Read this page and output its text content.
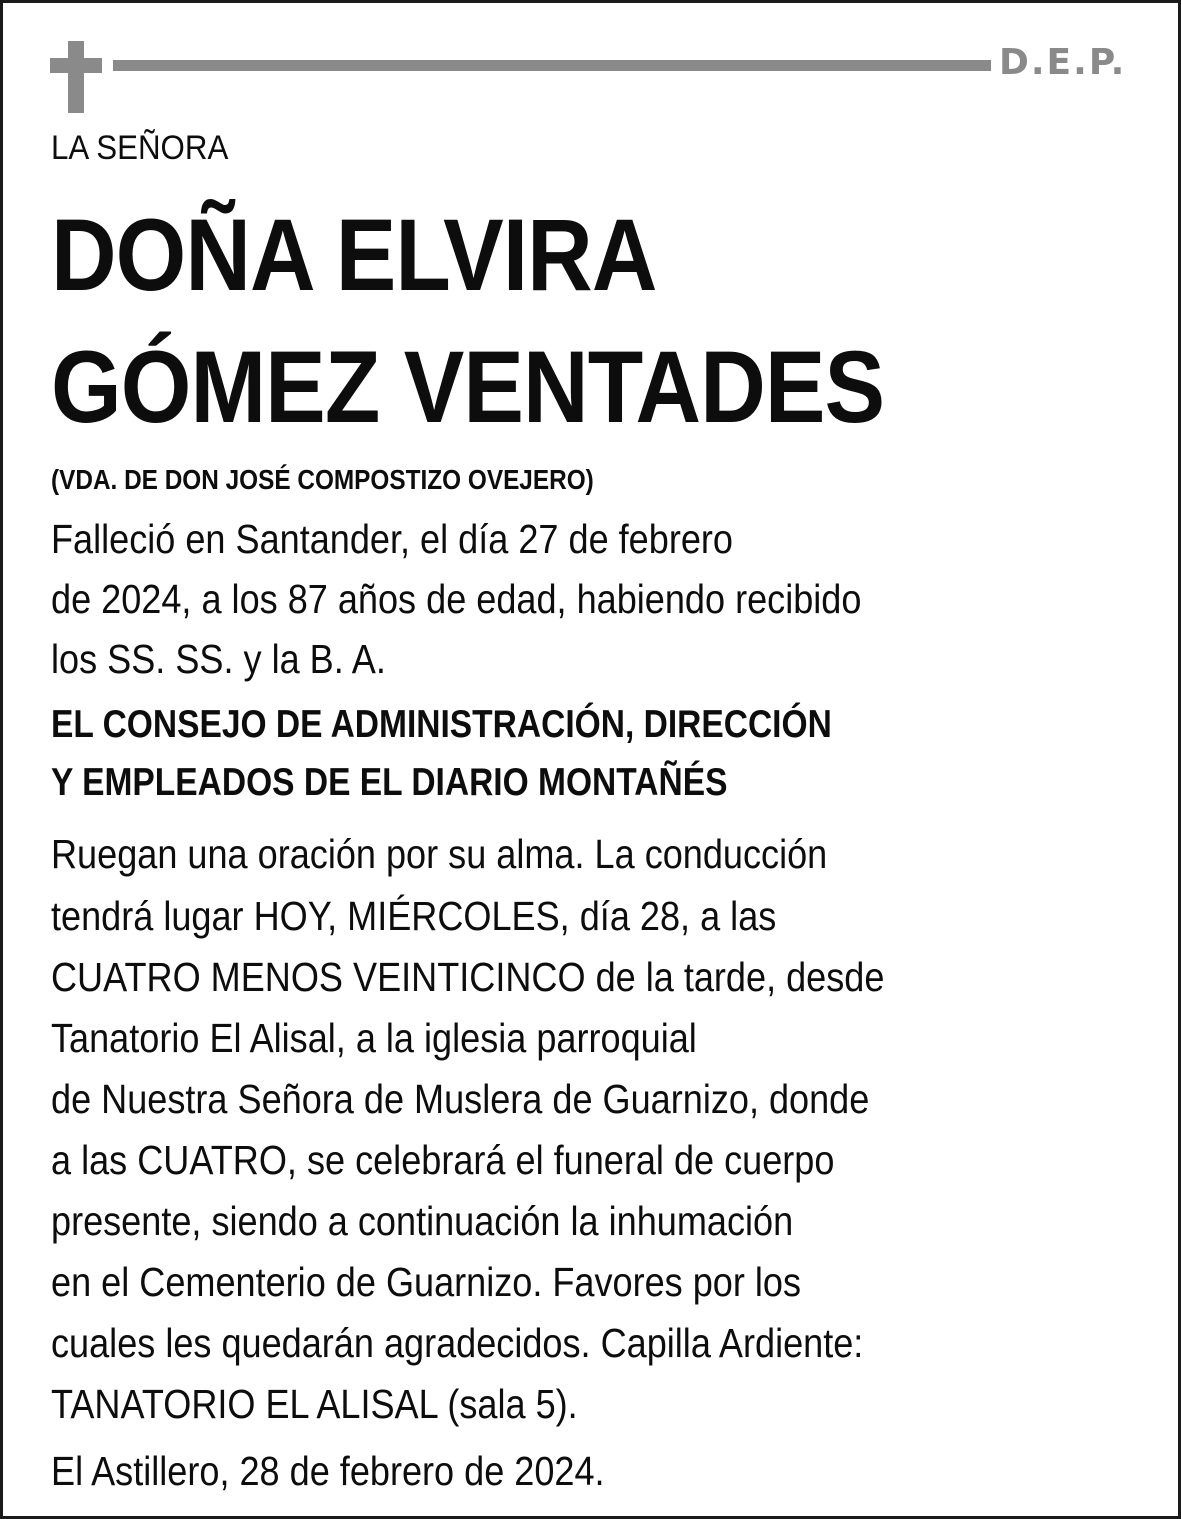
D.E.P.
LA SEÑORA
DOÑA ELVIRA
GÓMEZ VENTADES
(VDA. DE DON JOSÉ COMPOSTIZO OVEJERO)
Falleció en Santander, el día 27 de febrero
de 2024, a los 87 años de edad, habiendo recibido
los SS. SS. y la B. A.
EL CONSEJO DE ADMINISTRACIÓN, DIRECCIÓN
Y EMPLEADOS DE EL DIARIO MONTAÑÉS
Ruegan una oración por su alma. La conducción
tendrá lugar HOY, MIÉRCOLES, día 28, a las
CUATRO MENOS VEINTICINCO de la tarde, desde
Tanatorio El Alisal, a la iglesia parroquial
de Nuestra Señora de Muslera de Guarnizo, donde
a las CUATRO, se celebrará el funeral de cuerpo
presente, siendo a continuación la inhumación
en el Cementerio de Guarnizo. Favores por los
cuales les quedarán agradecidos. Capilla Ardiente:
TANATORIO EL ALISAL (sala 5).
El Astillero, 28 de febrero de 2024.
